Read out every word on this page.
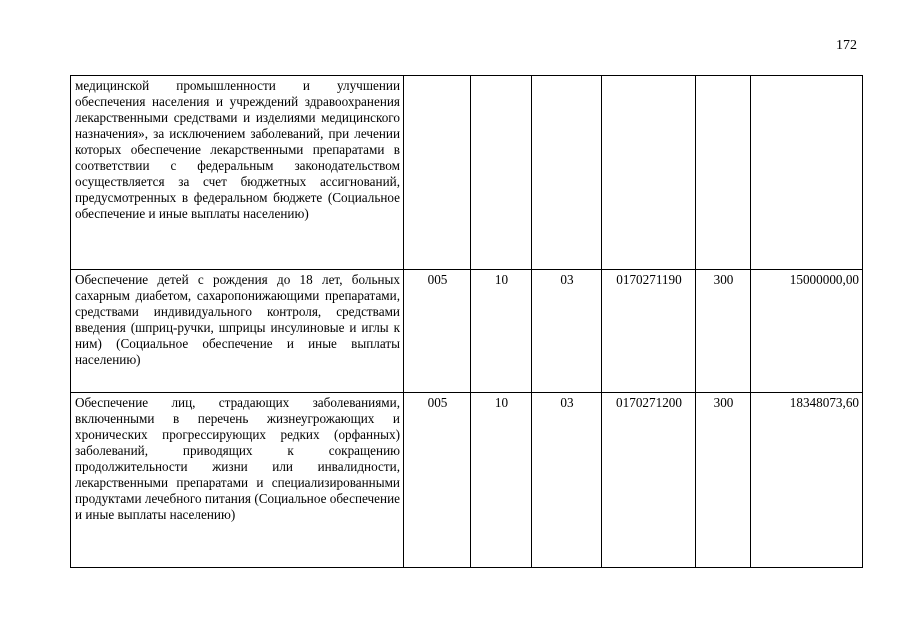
172
медицинской промышленности и улучшении обеспечения населения и учреждений здравоохранения лекарственными средствами и изделиями медицинского назначения», за исключением заболеваний, при лечении которых обеспечение лекарственными препаратами в соответствии с федеральным законодательством осуществляется за счет бюджетных ассигнований, предусмотренных в федеральном бюджете (Социальное обеспечение и иные выплаты населению)						
Обеспечение детей с рождения до 18 лет, больных сахарным диабетом, сахаропонижающими препаратами, средствами индивидуального контроля, средствами введения (шприц-ручки, шприцы инсулиновые и иглы к ним) (Социальное обеспечение и иные выплаты населению)	005	10	03	0170271190	300	15000000,00
Обеспечение лиц, страдающих заболеваниями, включенными в перечень жизнеугрожающих и хронических прогрессирующих редких (орфанных) заболеваний, приводящих к сокращению продолжительности жизни или инвалидности, лекарственными препаратами и специализированными продуктами лечебного питания (Социальное обеспечение и иные выплаты населению)	005	10	03	0170271200	300	18348073,60
